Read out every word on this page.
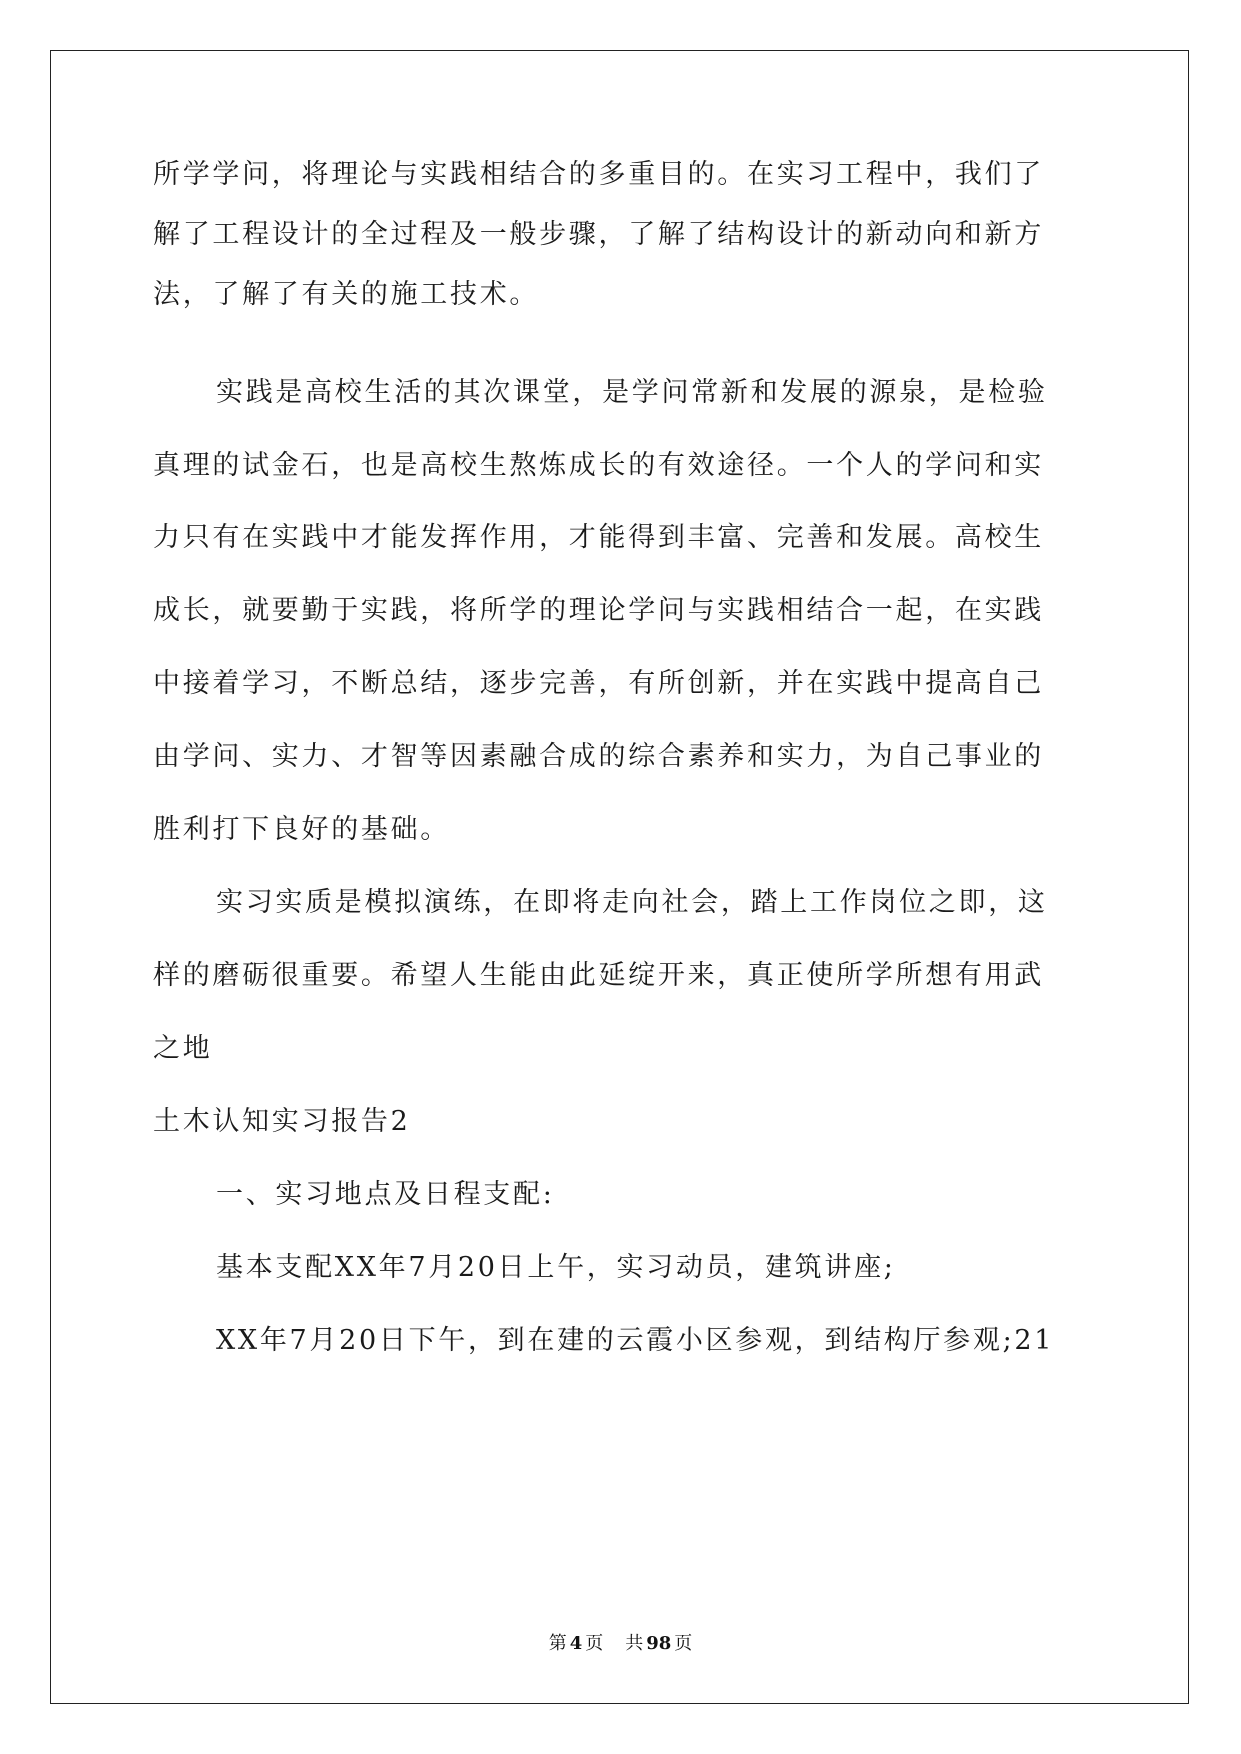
所学学问，将理论与实践相结合的多重目的。在实习工程中，我们了
解了工程设计的全过程及一般步骤，了解了结构设计的新动向和新方
法，了解了有关的施工技术。
实践是高校生活的其次课堂，是学问常新和发展的源泉，是检验
真理的试金石，也是高校生熬炼成长的有效途径。一个人的学问和实
力只有在实践中才能发挥作用，才能得到丰富、完善和发展。高校生
成长，就要勤于实践，将所学的理论学问与实践相结合一起，在实践
中接着学习，不断总结，逐步完善，有所创新，并在实践中提高自己
由学问、实力、才智等因素融合成的综合素养和实力，为自己事业的
胜利打下良好的基础。
实习实质是模拟演练，在即将走向社会，踏上工作岗位之即，这
样的磨砺很重要。希望人生能由此延绽开来，真正使所学所想有用武
之地
土木认知实习报告2
一、实习地点及日程支配:
基本支配XX年7月20日上午，实习动员，建筑讲座;
XX年7月20日下午，到在建的云霞小区参观，到结构厅参观;21
第 4 页 共 98 页
